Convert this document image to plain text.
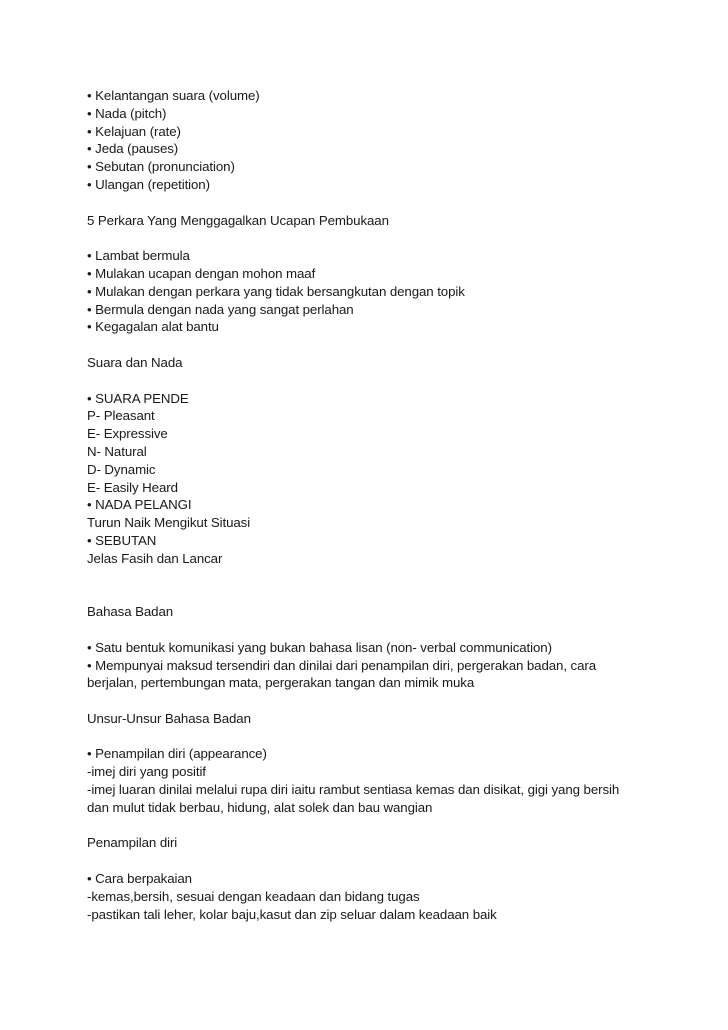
• Kelantangan suara (volume)
• Nada (pitch)
• Kelajuan (rate)
• Jeda (pauses)
• Sebutan (pronunciation)
• Ulangan (repetition)
5 Perkara Yang Menggagalkan Ucapan Pembukaan
• Lambat bermula
• Mulakan ucapan dengan mohon maaf
• Mulakan dengan perkara yang tidak bersangkutan dengan topik
• Bermula dengan nada yang sangat perlahan
• Kegagalan alat bantu
Suara dan Nada
• SUARA PENDE
P- Pleasant
E- Expressive
N- Natural
D- Dynamic
E- Easily Heard
• NADA PELANGI
Turun Naik Mengikut Situasi
• SEBUTAN
Jelas Fasih dan Lancar
Bahasa Badan
• Satu bentuk komunikasi yang bukan bahasa lisan (non- verbal communication)
• Mempunyai maksud tersendiri dan dinilai dari penampilan diri, pergerakan badan, cara
berjalan, pertembungan mata, pergerakan tangan dan mimik muka
Unsur-Unsur Bahasa Badan
• Penampilan diri (appearance)
-imej diri yang positif
-imej luaran dinilai melalui rupa diri iaitu rambut sentiasa kemas dan disikat, gigi yang bersih
dan mulut tidak berbau, hidung, alat solek dan bau wangian
Penampilan diri
• Cara berpakaian
-kemas,bersih, sesuai dengan keadaan dan bidang tugas
-pastikan tali leher, kolar baju,kasut dan zip seluar dalam keadaan baik
